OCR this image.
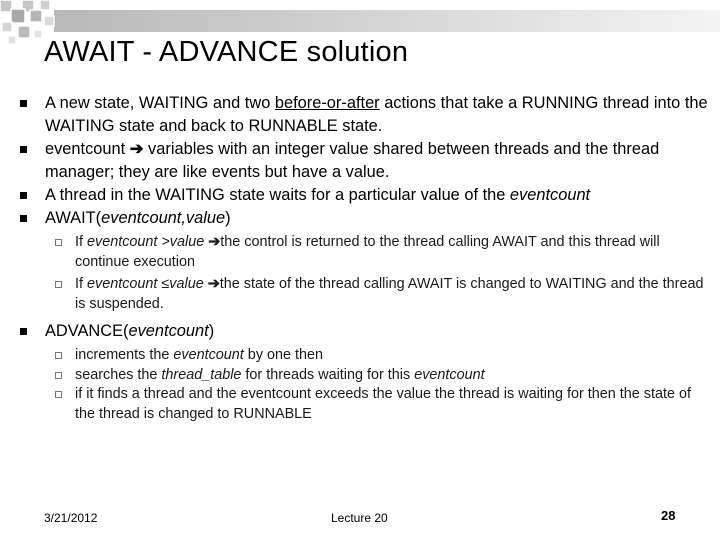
AWAIT - ADVANCE solution
A new state, WAITING and two before-or-after actions that take a RUNNING thread into the WAITING state and back to RUNNABLE state.
eventcount ➔ variables with an integer value shared between threads and the thread manager; they are like events but have a value.
A thread in the WAITING state waits for a particular value of the eventcount
AWAIT(eventcount,value)
If eventcount >value ➔the control is returned to the thread calling AWAIT and this thread will continue execution
If eventcount ≤value ➔the state of the thread calling AWAIT is changed to WAITING and the thread is suspended.
ADVANCE(eventcount)
increments the eventcount by one then
searches the thread_table for threads waiting for this eventcount
if it finds a thread and the eventcount exceeds the value the thread is waiting for then the state of the thread is changed to RUNNABLE
3/21/2012	Lecture 20	28
